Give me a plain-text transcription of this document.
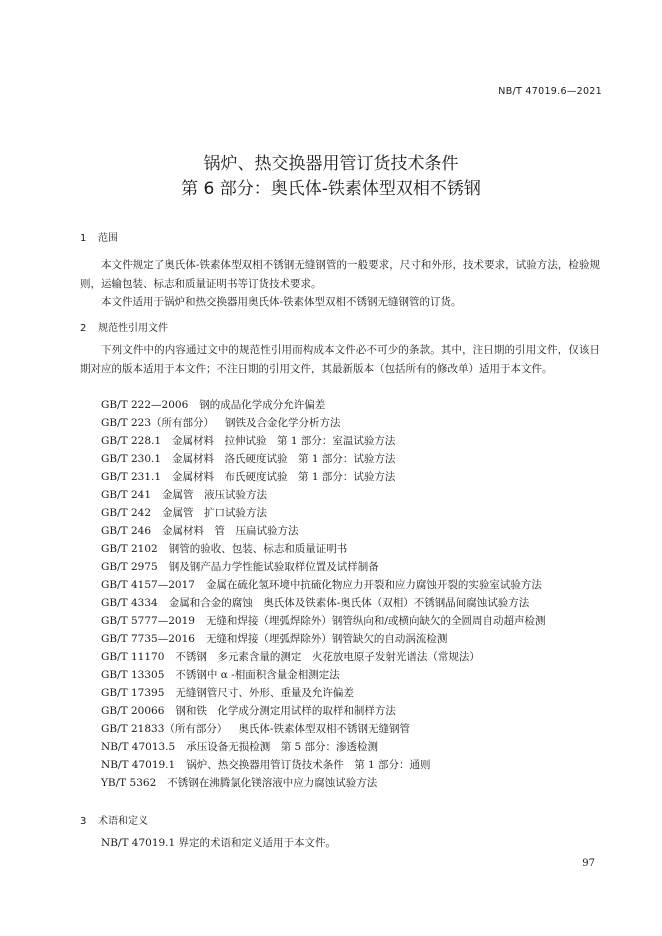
NB/T 47019.6—2021
锅炉、热交换器用管订货技术条件
第 6 部分：奥氏体-铁素体型双相不锈钢
1 范围

本文件规定了奥氏体-铁素体型双相不锈钢无缝钢管的一般要求，尺寸和外形，技术要求，试验方法，检验规则，运输包装、标志和质量证明书等订货技术要求。

本文件适用于锅炉和热交换器用奥氏体-铁素体型双相不锈钢无缝钢管的订货。

2 规范性引用文件

下列文件中的内容通过文中的规范性引用而构成本文件必不可少的条款。其中，注日期的引用文件，仅该日期对应的版本适用于本文件；不注日期的引用文件，其最新版本（包括所有的修改单）适用于本文件。

GB/T 222—2006 钢的成品化学成分允许偏差
GB/T 223（所有部分） 钢铁及合金化学分析方法
GB/T 228.1 金属材料　拉伸试验　第 1 部分：室温试验方法
GB/T 230.1 金属材料　洛氏硬度试验　第 1 部分：试验方法
GB/T 231.1 金属材料　布氏硬度试验　第 1 部分：试验方法
GB/T 241 金属管　液压试验方法
GB/T 242 金属管　扩口试验方法
GB/T 246 金属材料　管　压扁试验方法
GB/T 2102 钢管的验收、包装、标志和质量证明书
GB/T 2975 钢及钢产品力学性能试验取样位置及试样制备
GB/T 4157—2017 金属在硫化氢环境中抗硫化物应力开裂和应力腐蚀开裂的实验室试验方法
GB/T 4334 金属和合金的腐蚀　奥氏体及铁素体-奥氏体（双相）不锈钢晶间腐蚀试验方法
GB/T 5777—2019 无缝和焊接（埋弧焊除外）钢管纵向和/或横向缺欠的全圆周自动超声检测
GB/T 7735—2016 无缝和焊接（埋弧焊除外）钢管缺欠的自动涡流检测
GB/T 11170 不锈钢　多元素含量的测定　火花放电原子发射光谱法（常规法）
GB/T 13305 不锈钢中 α -相面积含量金相测定法
GB/T 17395 无缝钢管尺寸、外形、重量及允许偏差
GB/T 20066 钢和铁　化学成分测定用试样的取样和制样方法
GB/T 21833（所有部分） 奥氏体-铁素体型双相不锈钢无缝钢管
NB/T 47013.5 承压设备无损检测　第 5 部分：渗透检测
NB/T 47019.1 锅炉、热交换器用管订货技术条件　第 1 部分：通则
YB/T 5362 不锈钢在沸腾氯化镁溶液中应力腐蚀试验方法
3 术语和定义

NB/T 47019.1 界定的术语和定义适用于本文件。

97
